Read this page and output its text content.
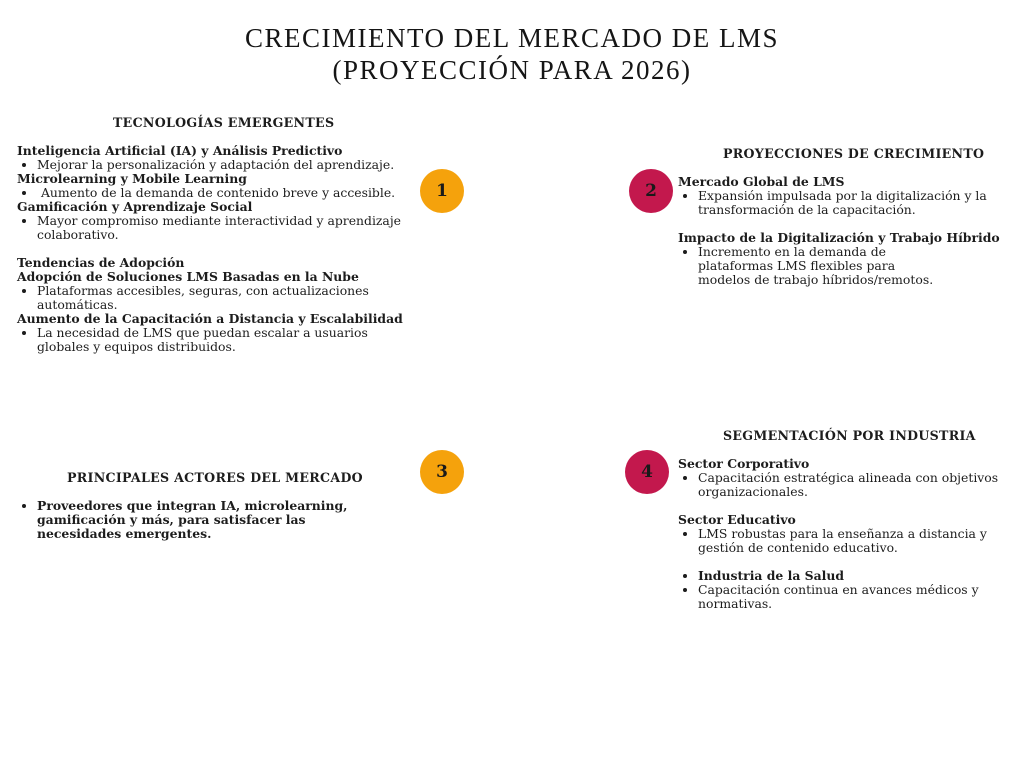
CRECIMIENTO DEL MERCADO DE LMS
(PROYECCIÓN PARA 2026)
TECNOLOGÍAS EMERGENTES
Inteligencia Artificial (IA) y Análisis Predictivo
• Mejorar la personalización y adaptación del aprendizaje.
Microlearning y Mobile Learning
•  Aumento de la demanda de contenido breve y accesible.
Gamificación y Aprendizaje Social
• Mayor compromiso mediante interactividad y aprendizaje colaborativo.
Tendencias de Adopción
Adopción de Soluciones LMS Basadas en la Nube
• Plataformas accesibles, seguras, con actualizaciones automáticas.
Aumento de la Capacitación a Distancia y Escalabilidad
• La necesidad de LMS que puedan escalar a usuarios globales y equipos distribuidos.
1	2
3	4
PROYECCIONES DE CRECIMIENTO
Mercado Global de LMS
• Expansión impulsada por la digitalización y la transformación de la capacitación.
Impacto de la Digitalización y Trabajo Híbrido
• Incremento en la demanda de plataformas LMS flexibles para modelos de trabajo híbridos/remotos.
PRINCIPALES ACTORES DEL MERCADO
• Proveedores que integran IA, microlearning, gamificación y más, para satisfacer las necesidades emergentes.
SEGMENTACIÓN POR INDUSTRIA
Sector Corporativo
• Capacitación estratégica alineada con objetivos organizacionales.
Sector Educativo
• LMS robustas para la enseñanza a distancia y gestión de contenido educativo.
• Industria de la Salud
• Capacitación continua en avances médicos y normativas.
